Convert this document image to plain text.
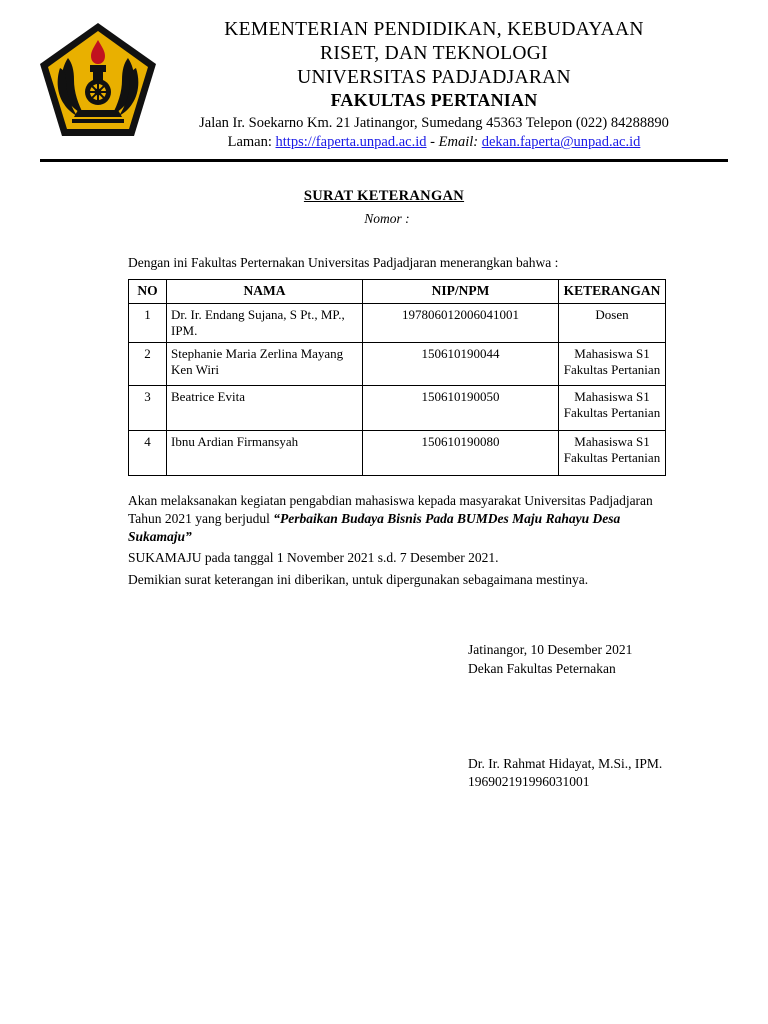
KEMENTERIAN PENDIDIKAN, KEBUDAYAAN
RISET, DAN TEKNOLOGI
UNIVERSITAS PADJADJARAN
FAKULTAS PERTANIAN
Jalan Ir. Soekarno Km. 21 Jatinangor, Sumedang 45363 Telepon (022) 84288890
Laman: https://faperta.unpad.ac.id - Email: dekan.faperta@unpad.ac.id
SURAT KETERANGAN
Nomor :
Dengan ini Fakultas Perternakan Universitas Padjadjaran menerangkan bahwa :
NO	NAMA	NIP/NPM	KETERANGAN
1	Dr. Ir. Endang Sujana, S Pt., MP., IPM.	197806012006041001	Dosen
2	Stephanie Maria Zerlina Mayang Ken Wiri	150610190044	Mahasiswa S1 Fakultas Pertanian
3	Beatrice Evita	150610190050	Mahasiswa S1 Fakultas Pertanian
4	Ibnu Ardian Firmansyah	150610190080	Mahasiswa S1 Fakultas Pertanian
Akan melaksanakan kegiatan pengabdian mahasiswa kepada masyarakat Universitas Padjadjaran Tahun 2021 yang berjudul “Perbaikan Budaya Bisnis Pada BUMDes Maju Rahayu Desa Sukamaju”
SUKAMAJU pada tanggal 1 November 2021 s.d. 7 Desember 2021.
Demikian surat keterangan ini diberikan, untuk dipergunakan sebagaimana mestinya.
Jatinangor, 10 Desember 2021
Dekan Fakultas Peternakan
Dr. Ir. Rahmat Hidayat, M.Si., IPM.
196902191996031001
